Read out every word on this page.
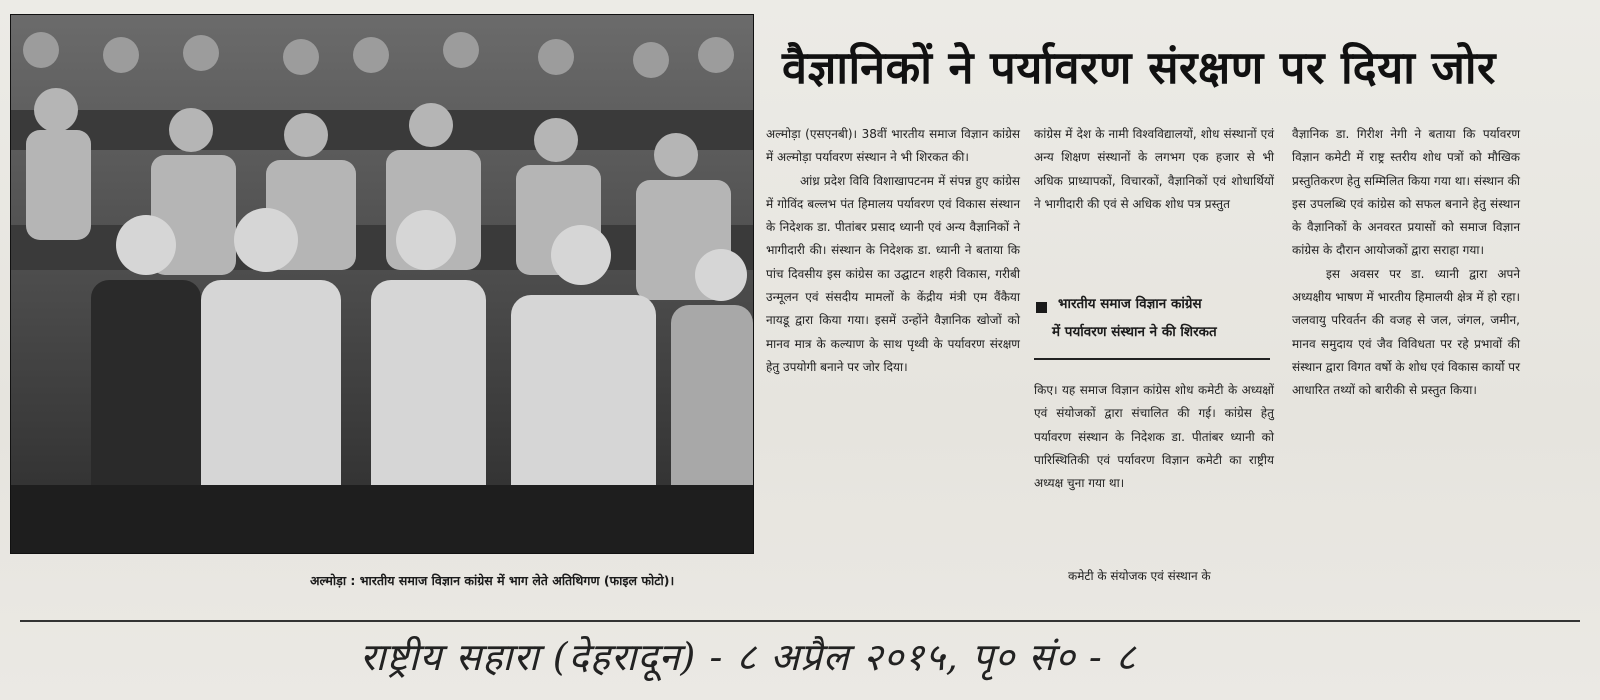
अल्मोड़ा : भारतीय समाज विज्ञान कांग्रेस में भाग लेते अतिथिगण (फाइल फोटो)।
वैज्ञानिकों ने पर्यावरण संरक्षण पर दिया जोर

अल्मोड़ा (एसएनबी)। 38वीं भारतीय समाज विज्ञान कांग्रेस में अल्मोड़ा पर्यावरण संस्थान ने भी शिरकत की।

आंध्र प्रदेश विवि विशाखापटनम में संपन्न हुए कांग्रेस में गोविंद बल्लभ पंत हिमालय पर्यावरण एवं विकास संस्थान के निदेशक डा. पीतांबर प्रसाद ध्यानी एवं अन्य वैज्ञानिकों ने भागीदारी की। संस्थान के निदेशक डा. ध्यानी ने बताया कि पांच दिवसीय इस कांग्रेस का उद्घाटन शहरी विकास, गरीबी उन्मूलन एवं संसदीय मामलों के केंद्रीय मंत्री एम वैंकैया नायडू द्वारा किया गया। इसमें उन्होंने वैज्ञानिक खोजों को मानव मात्र के कल्याण के साथ पृथ्वी के पर्यावरण संरक्षण हेतु उपयोगी बनाने पर जोर दिया।

कांग्रेस में देश के नामी विश्वविद्यालयों, शोध संस्थानों एवं अन्य शिक्षण संस्थानों के लगभग एक हजार से भी अधिक प्राध्यापकों, विचारकों, वैज्ञानिकों एवं शोधार्थियों ने भागीदारी की एवं से अधिक शोध पत्र प्रस्तुत

भारतीय समाज विज्ञान कांग्रेस
में पर्यावरण संस्थान ने की शिरकत

किए। यह समाज विज्ञान कांग्रेस शोध कमेटी के अध्यक्षों एवं संयोजकों द्वारा संचालित की गई। कांग्रेस हेतु पर्यावरण संस्थान के निदेशक डा. पीतांबर ध्यानी को पारिस्थितिकी एवं पर्यावरण विज्ञान कमेटी का राष्ट्रीय अध्यक्ष चुना गया था।

कमेटी के संयोजक एवं संस्थान के

वैज्ञानिक डा. गिरीश नेगी ने बताया कि पर्यावरण विज्ञान कमेटी में राष्ट्र स्तरीय शोध पत्रों को मौखिक प्रस्तुतिकरण हेतु सम्मिलित किया गया था। संस्थान की इस उपलब्धि एवं कांग्रेस को सफल बनाने हेतु संस्थान के वैज्ञानिकों के अनवरत प्रयासों को समाज विज्ञान कांग्रेस के दौरान आयोजकों द्वारा सराहा गया।

इस अवसर पर डा. ध्यानी द्वारा अपने अध्यक्षीय भाषण में भारतीय हिमालयी क्षेत्र में हो रहा। जलवायु परिवर्तन की वजह से जल, जंगल, जमीन, मानव समुदाय एवं जैव विविधता पर रहे प्रभावों की संस्थान द्वारा विगत वर्षो के शोध एवं विकास कार्यो पर आधारित तथ्यों को बारीकी से प्रस्तुत किया।

राष्ट्रीय सहारा (देहरादून) - ८ अप्रैल २०१५, पृ० सं० - ८
